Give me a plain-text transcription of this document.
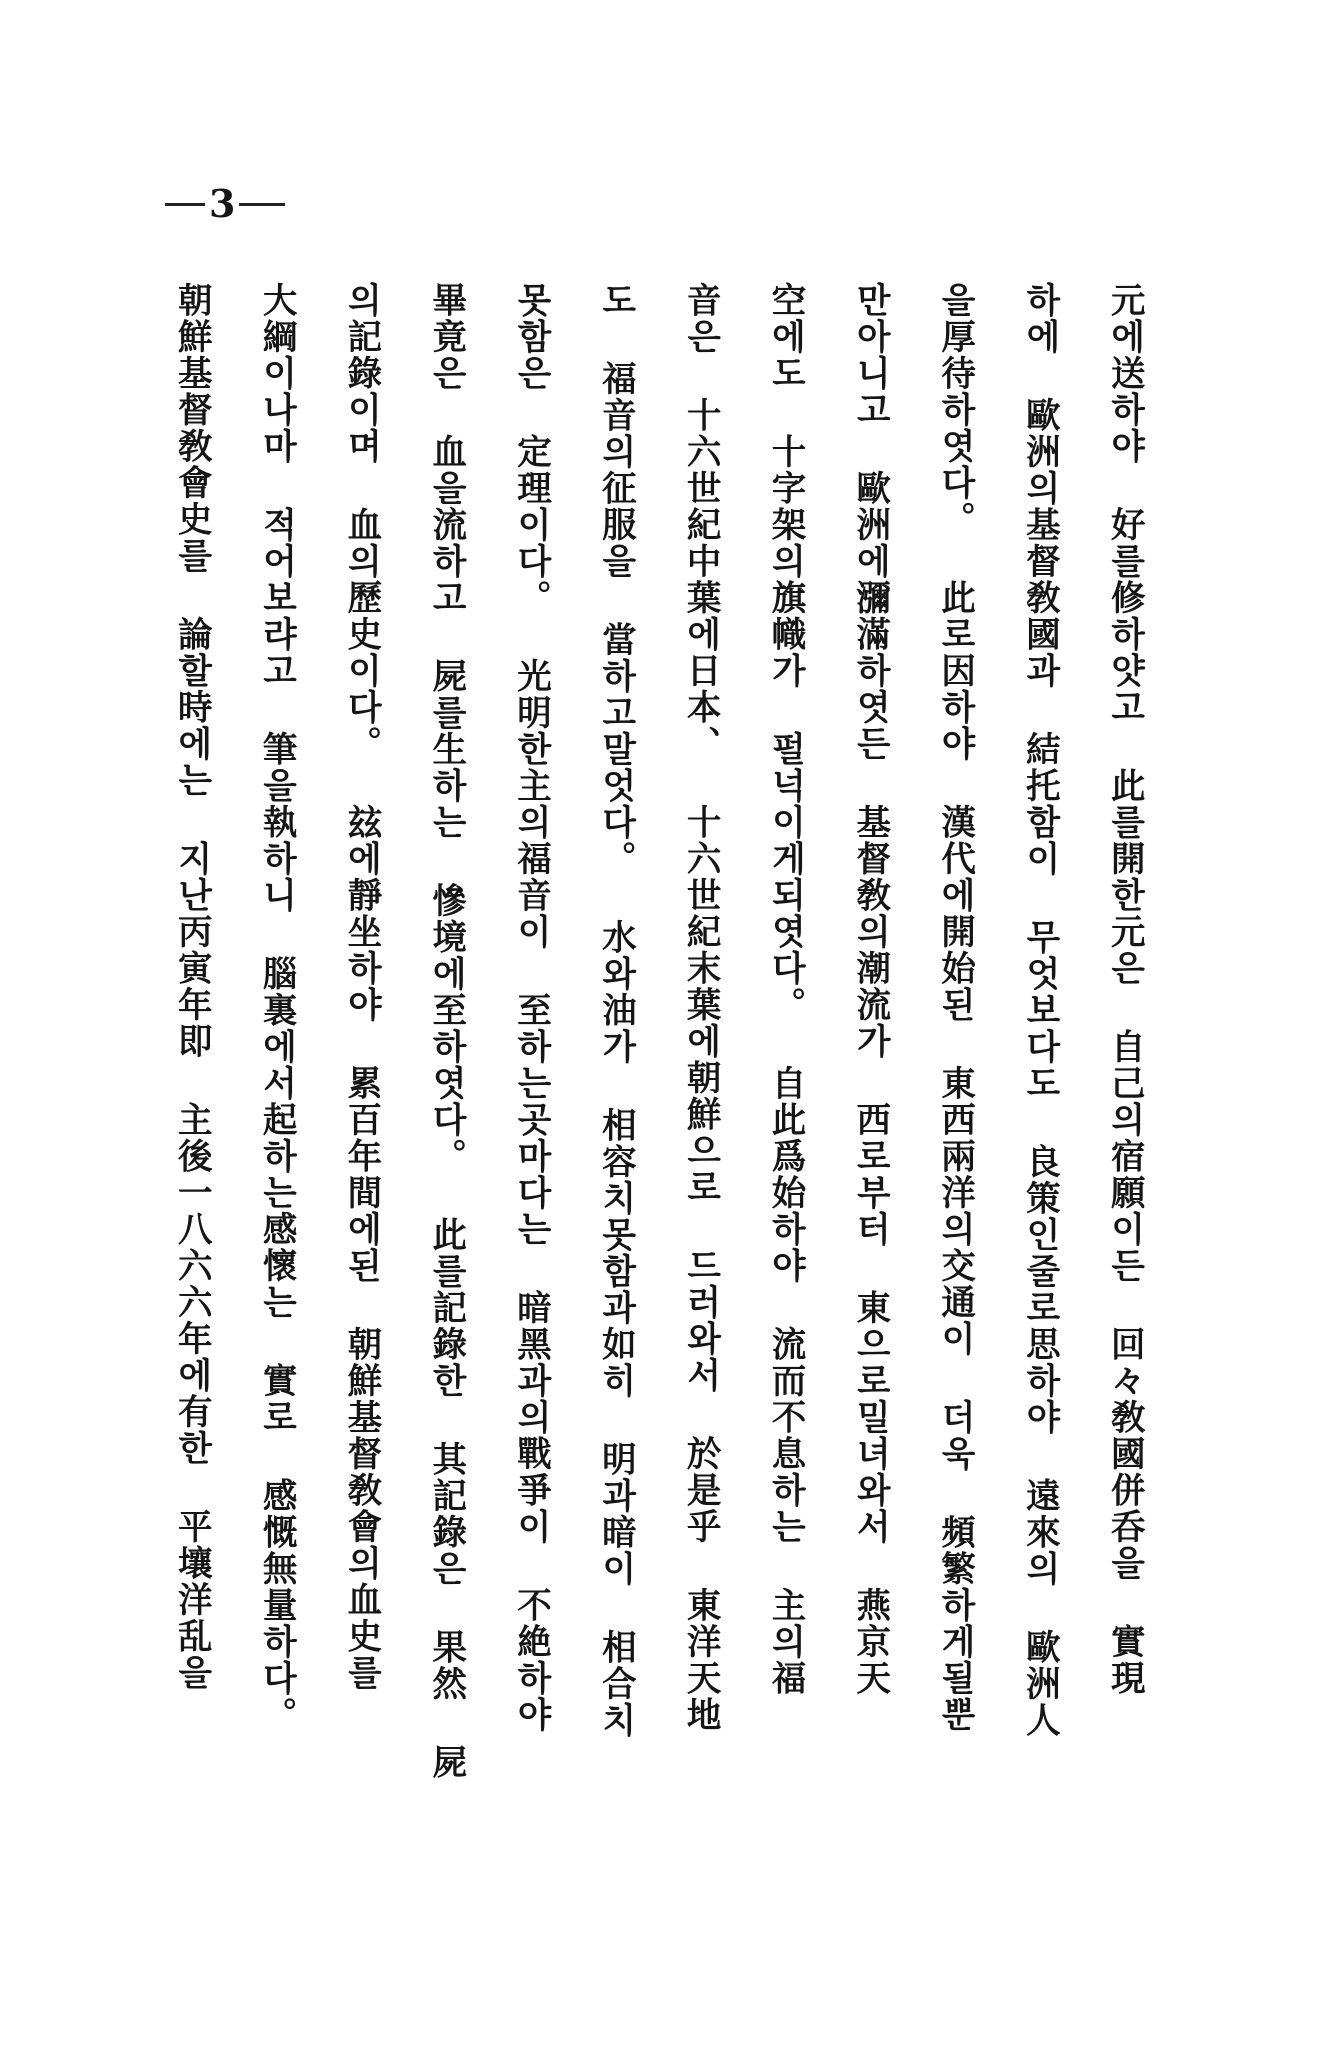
3
元에送하야 好를修하얏고 此를開한元은 自己의宿願이든 回々敎國併呑을 實現
하에 歐洲의基督敎國과 結托함이 무엇보다도 良策인줄로思하야 遠來의 歐洲人
을厚待하엿다。 此로因하야 漢代에開始된 東西兩洋의交通이 더욱 頻繁하게될뿐
만아니고 歐洲에瀰滿하엿든 基督敎의潮流가 西로부터 東으로밀녀와서 燕京天
空에도 十字架의旗幟가 펄넉이게되엿다。 自此爲始하야 流而不息하는 主의福
音은 十六世紀中葉에日本、 十六世紀末葉에朝鮮으로 드러와서 於是乎 東洋天地
도 福音의征服을 當하고말엇다。 水와油가 相容치못함과如히 明과暗이 相合치
못함은 定理이다。 光明한主의福音이 至하는곳마다는 暗黑과의戰爭이 不絶하야
畢竟은 血을流하고 屍를生하는 慘境에至하엿다。 此를記錄한 其記錄은 果然 屍
의記錄이며 血의歷史이다。 玆에靜坐하야 累百年間에된 朝鮮基督敎會의血史를
大綱이나마 적어보랴고 筆을執하니 腦裏에서起하는感懷는 實로 感慨無量하다。
朝鮮基督敎會史를 論할時에는 지난丙寅年即 主後一八六六年에有한 平壤洋乱을
